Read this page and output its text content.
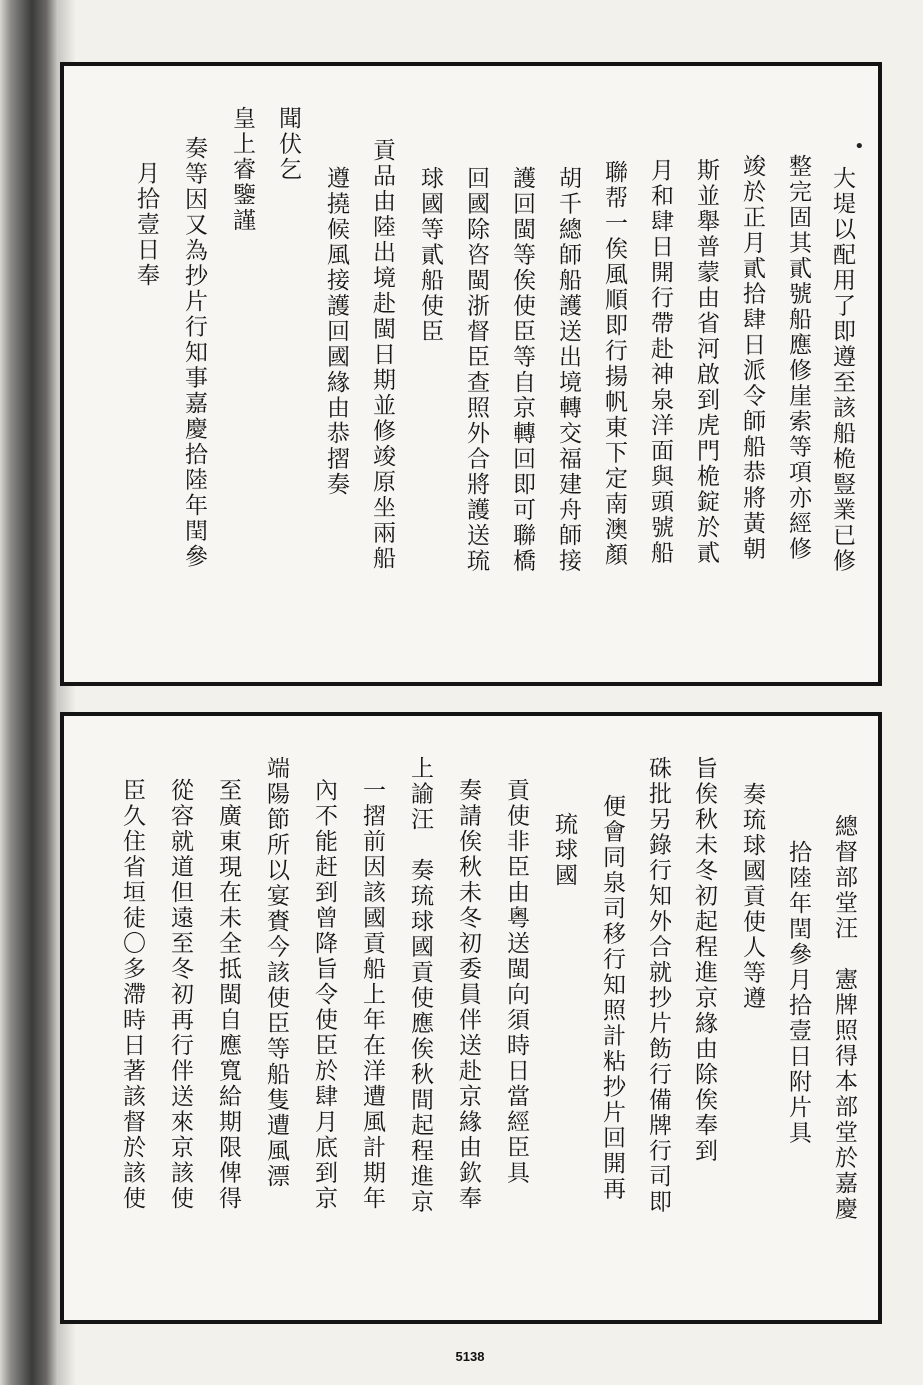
•
大堤以配用了即遵至該船桅豎業已修
整完固其貳號船應修崖索等項亦經修
竣於正月貳拾肆日派令師船恭將黃朝
斯並舉普蒙由省河啟到虎門桅錠於貳
月和肆日開行帶赴神泉洋面與頭號船
聯帮一俟風順即行揚帆東下定南澳顏
胡千總師船護送出境轉交福建舟師接
護回閩等俟使臣等自京轉回即可聯橋
回國除咨閩浙督臣查照外合將護送琉
球國等貳船使臣
貢品由陸出境赴閩日期並修竣原坐兩船
遵撓候風接護回國緣由恭摺奏
聞伏乞
皇上睿鑒謹
奏等因又為抄片行知事嘉慶拾陸年閏參
月拾壹日奉
總督部堂汪　憲牌照得本部堂於嘉慶
拾陸年閏參月拾壹日附片具
奏琉球國貢使人等遵
旨俟秋未冬初起程進京緣由除俟奉到
硃批另錄行知外合就抄片飭行備牌行司即
便會同泉司移行知照計粘抄片回開再
琉球國
貢使非臣由粵送閩向須時日當經臣具
奏請俟秋未冬初委員伴送赴京緣由欽奉
上諭汪　奏琉球國貢使應俟秋間起程進京
一摺前因該國貢船上年在洋遭風計期年
內不能赶到曾降旨令使臣於肆月底到京
端陽節所以宴賚今該使臣等船隻遭風漂
至廣東現在未全抵閩自應寬給期限俾得
從容就道但遠至冬初再行伴送來京該使
臣久住省垣徒〇多滯時日著該督於該使
5138
